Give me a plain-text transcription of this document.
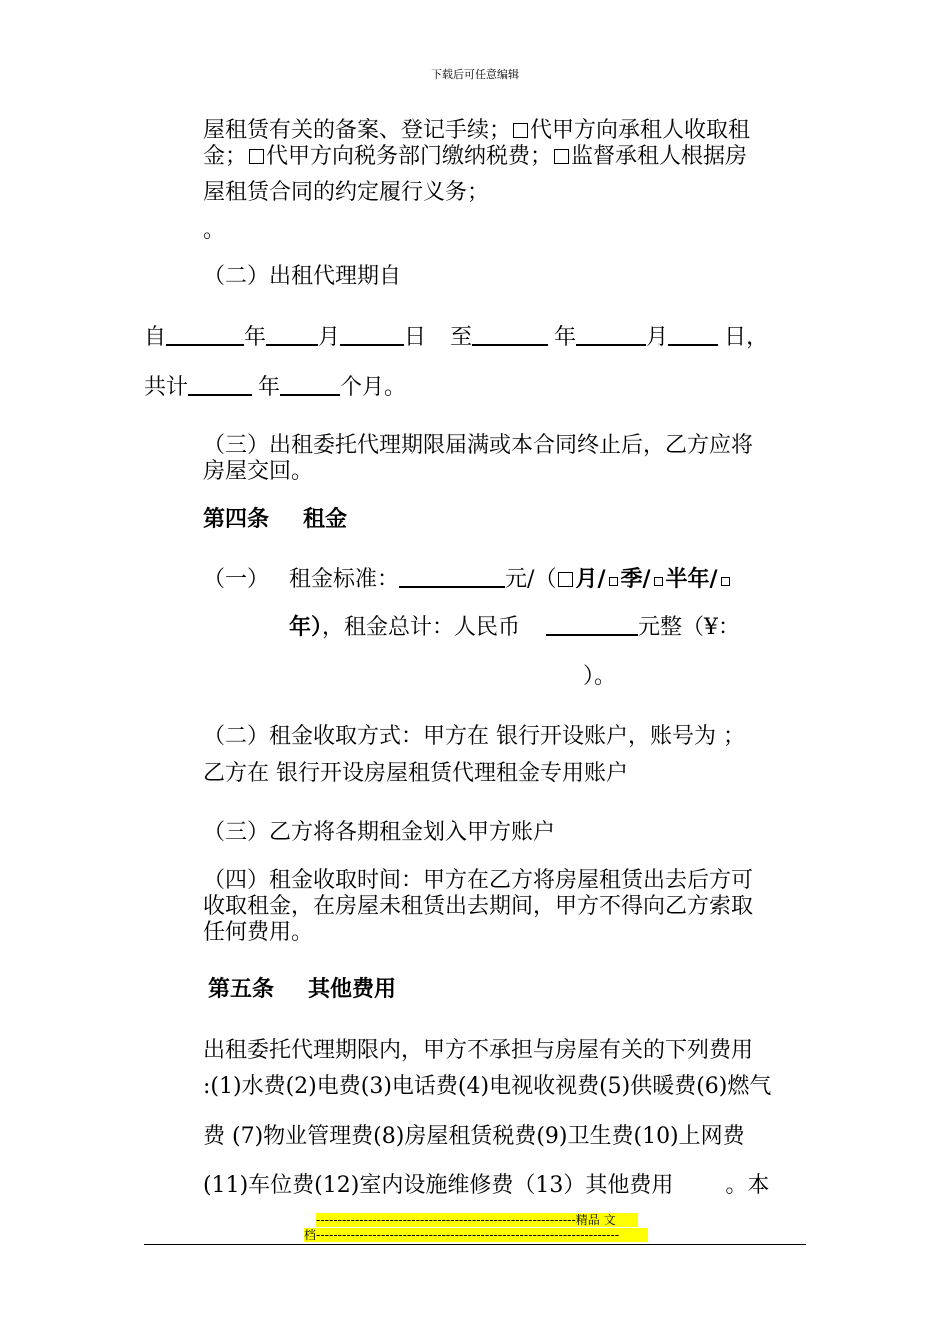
下载后可任意编辑
屋租赁有关的备案、登记手续； 代甲方向承租人收取租
金； 代甲方向税务部门缴纳税费； 监督承租人根据房
屋租赁合同的约定履行义务；
。
（二）出租代理期自
自	年 月	日 至	年	月	日，
共计	年	个月。
（三）出租委托代理期限届满或本合同终止后，乙方应将
房屋交回。
第四条 租金
（一） 租金标准：	元/（ 月/ 季/ 半年/
年），租金总计：人民币	元整（¥：
）。
（二）租金收取方式：甲方在 银行开设账户，账号为 ；
乙方在 银行开设房屋租赁代理租金专用账户
（三）乙方将各期租金划入甲方账户
（四）租金收取时间：甲方在乙方将房屋租赁出去后方可
收取租金，在房屋未租赁出去期间，甲方不得向乙方索取
任何费用。
第五条 其他费用
出租委托代理期限内，甲方不承担与房屋有关的下列费用
:(1)水费(2)电费(3)电话费(4)电视收视费(5)供暖费(6)燃气
费 (7)物业管理费(8)房屋租赁税费(9)卫生费(10)上网费
(11)车位费(12)室内设施维修费（13）其他费用 。本
------------------------------------------------------------精品 文
档----------------------------------------------------------------------
